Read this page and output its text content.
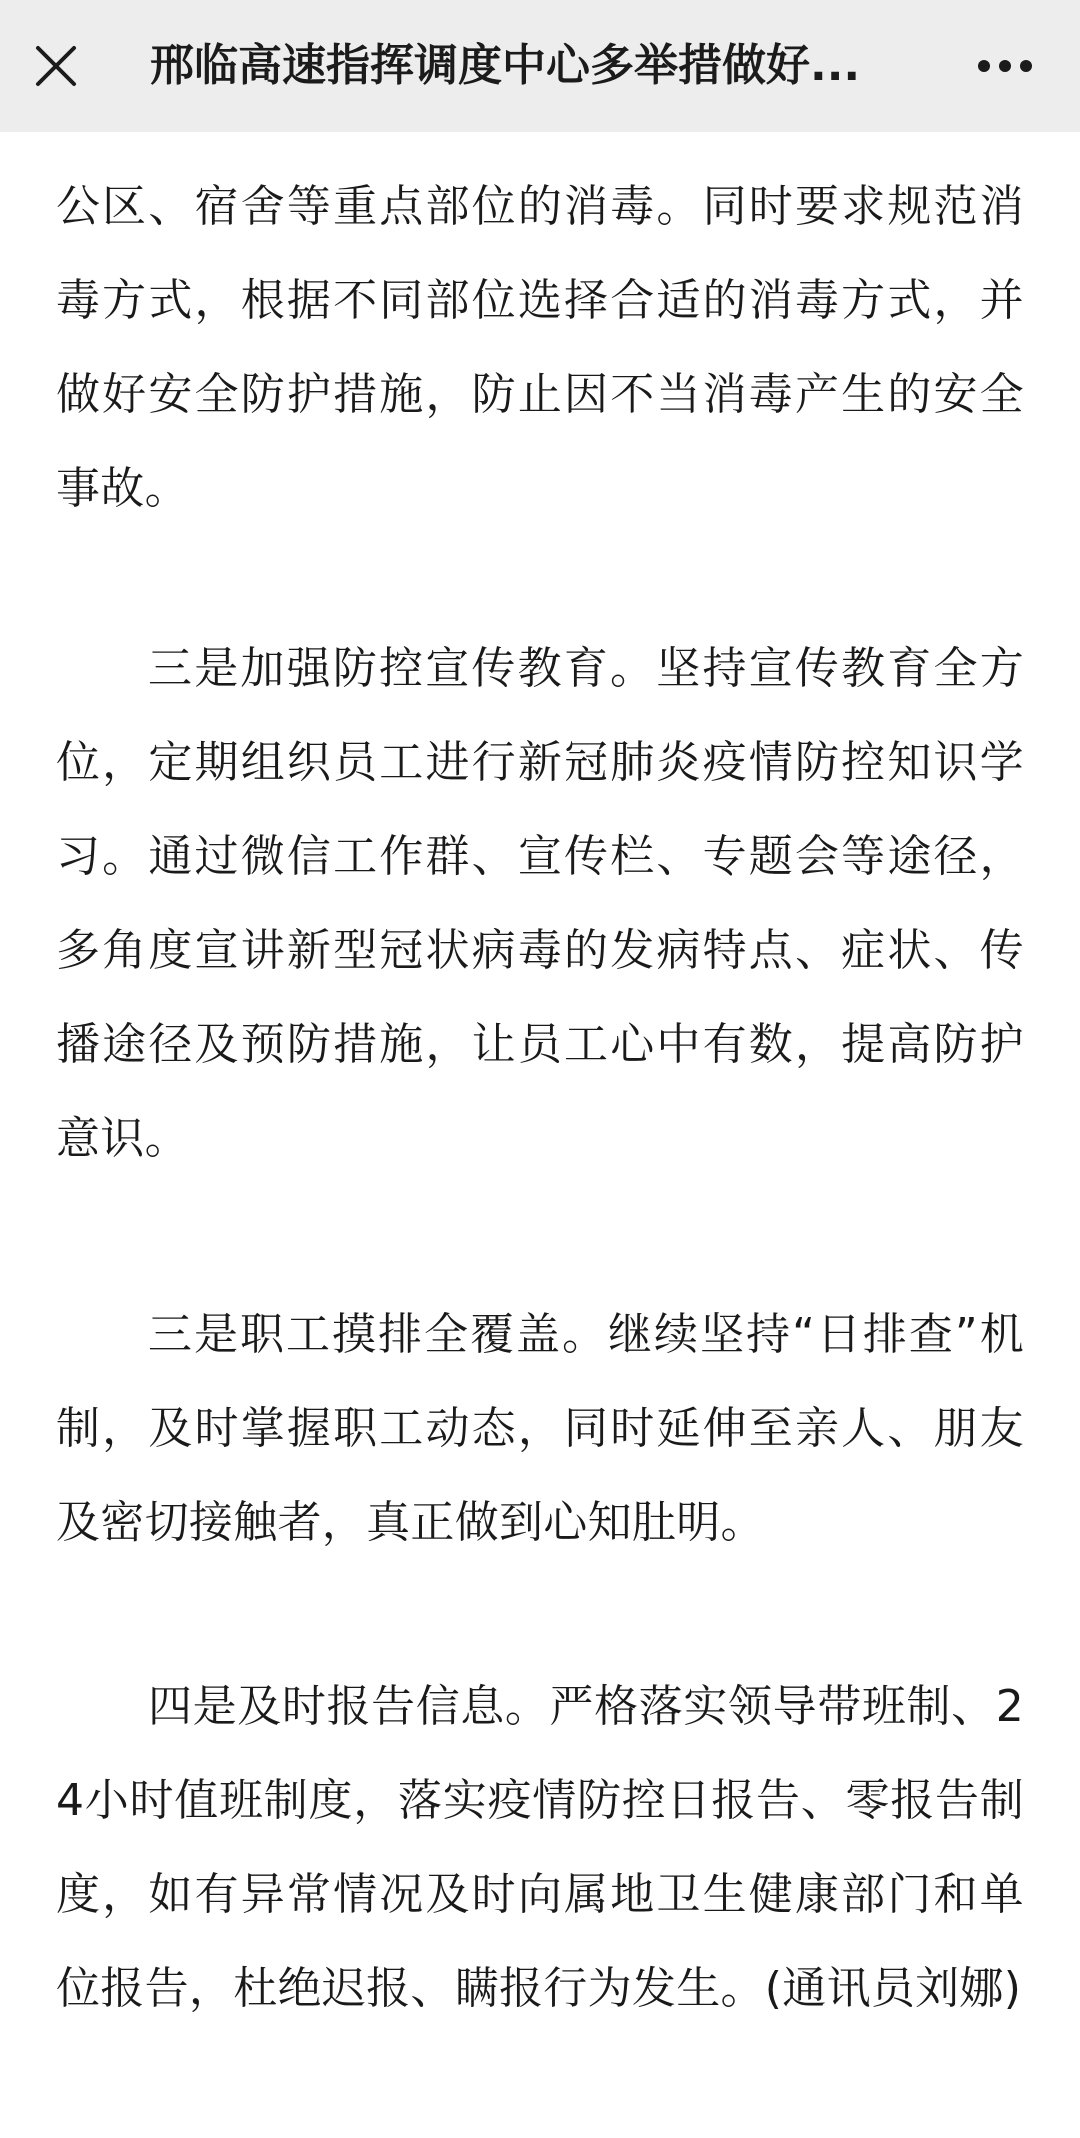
邢临高速指挥调度中心多举措做好...

公区、宿舍等重点部位的消毒。同时要求规范消毒方式，根据不同部位选择合适的消毒方式，并做好安全防护措施，防止因不当消毒产生的安全事故。

三是加强防控宣传教育。坚持宣传教育全方位，定期组织员工进行新冠肺炎疫情防控知识学习。通过微信工作群、宣传栏、专题会等途径，多角度宣讲新型冠状病毒的发病特点、症状、传播途径及预防措施，让员工心中有数，提高防护意识。

三是职工摸排全覆盖。继续坚持“日排查”机制，及时掌握职工动态，同时延伸至亲人、朋友及密切接触者，真正做到心知肚明。

四是及时报告信息。严格落实领导带班制、24小时值班制度，落实疫情防控日报告、零报告制度，如有异常情况及时向属地卫生健康部门和单位报告，杜绝迟报、瞒报行为发生。(通讯员刘娜)
